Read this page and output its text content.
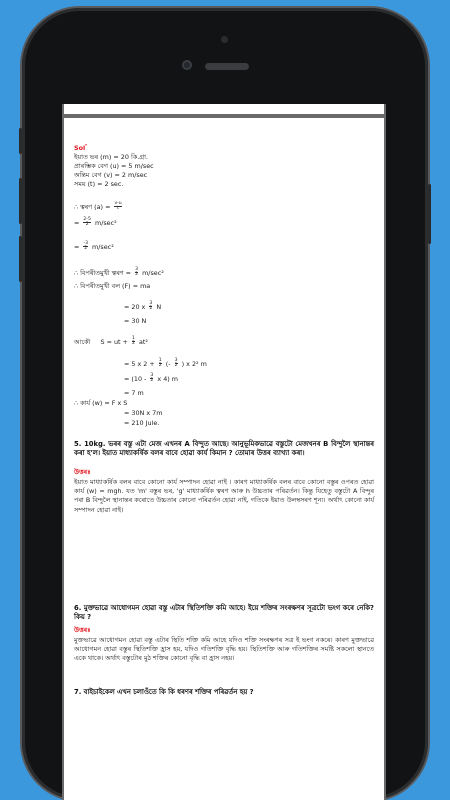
Sol$^{^n}$
ইয়াত ভৰ (m) = 20 কি.গ্ৰা.
প্ৰাৰম্ভিক বেগ (u) = 5 m/sec
অন্তিম বেগ (v) = 2 m/sec
সময় (t) = 2 sec.
∴ ত্বৰণ $(a) = \frac{v-u}{t}$
= $\frac{2-5}{2} m/\sec^2$
= $\frac{-3}{2} m/\sec^2$
∴ বিপৰীতমুখী ত্বৰণ = $\frac{3}{2} m/\sec^2$
∴ বিপৰীতমুখী বল (F) = ma
= 20 x $\frac{3}{2}$ N
= 30 N
আকৌ S = ut + $\frac{1}{2} at^2$
= 5 x $2 + \frac{1}{2}$ (- $\frac{3}{2}$ ) x 2² m
= ($10 - \frac{3}{2}$ x 4) m
= 7 m
∴ কাৰ্য (w) = F x S
= 30N x 7m
= 210 Jule.
5. 10kg. ভৰৰ বস্তু এটা মেজ এখনৰ A বিন্দুত আছে। আনুভূমিকভাৱে বস্তুটো মেজখনৰ B বিন্দুলৈ স্থানান্তৰ কৰা হ'ল। ইয়াত মাধ্যাকৰ্ষিক বলৰ বাবে হোৱা কাৰ্য কিমান ? তোমাৰ উত্তৰ ব্যাখ্যা কৰা।
উত্তৰঃ
ইয়াত মাধ্যাকৰ্ষিক বলৰ বাবে কোনো কাৰ্য সম্পাদন হোৱা নাই । কাৰণ মাধ্যাকৰ্ষিক বলৰ বাবে কোনো বস্তুৰ ওপৰত হোৱা কাৰ্য (w) = mgh. যত 'm' বস্তুৰ ভৰ, 'g' মাধ্যাকৰ্ষিক ত্বৰণ আৰু h উচ্চতাৰ পৰিৱৰ্তন। কিন্তু যিহেতু বস্তুটো A বিন্দুৰ পৰা B বিন্দুলৈ স্থানান্তৰ কৰোতে উচ্চতাৰ কোনো পৰিৱৰ্তন হোৱা নাই, গতিকে ইয়াত উলম্বসৰণ শূন্য। অৰ্থাৎ কোনো কাৰ্য সম্পাদন হোৱা নাই।
6. মুক্তভাৱে আধোগমন হোৱা বস্তু এটাৰ স্থিতিশক্তি কমি আহে। ইয়ে শক্তিৰ সংৰক্ষণৰ সূত্ৰটো ভংগ কৰে নেকি? কিয় ?
উত্তৰঃ
মুক্তভাৱে আধোগমন হোৱা বস্তু এটাৰ স্থিতি শক্তি কমি আহে যদিও শক্তি সংৰক্ষণৰ সত্ৰ ই ভংগ নকৰে। কাৰণ মুক্তভাৱে আধোগমন হোৱা বস্তুৰ স্থিতিশক্তি হ্ৰাস হয়, যদিও গতিশক্তি বৃদ্ধি হয়। স্থিতিশক্তি আৰু গতিশক্তিৰ সমষ্টি সকলো স্থানতে একে থাকে। অৰ্থাৎ বস্তুটোৰ মুঠ শক্তিৰ কোনো বৃদ্ধি বা হ্ৰাস নহয়।
7. বাইচাইকেল এখন চলাওঁতে কি কি ধৰণৰ শক্তিৰ পৰিৱৰ্তন হয় ?
